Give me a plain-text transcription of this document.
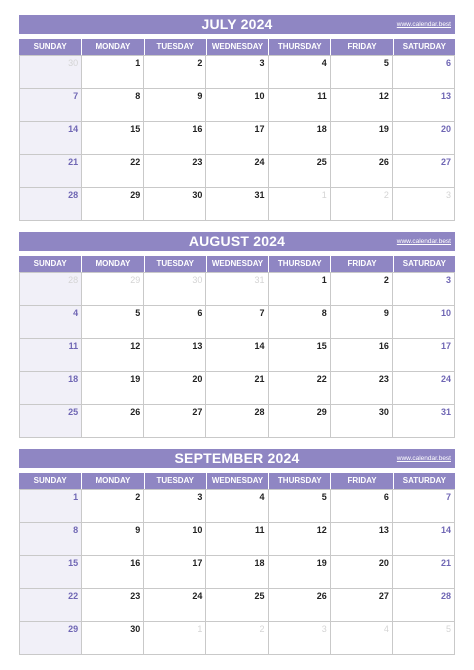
JULY 2024	www.calendar.best
SUNDAY	MONDAY	TUESDAY	WEDNESDAY	THURSDAY	FRIDAY	SATURDAY
30	1	2	3	4	5	6
7	8	9	10	11	12	13
14	15	16	17	18	19	20
21	22	23	24	25	26	27
28	29	30	31	1	2	3
AUGUST 2024	www.calendar.best
SUNDAY	MONDAY	TUESDAY	WEDNESDAY	THURSDAY	FRIDAY	SATURDAY
28	29	30	31	1	2	3
4	5	6	7	8	9	10
11	12	13	14	15	16	17
18	19	20	21	22	23	24
25	26	27	28	29	30	31
SEPTEMBER 2024	www.calendar.best
SUNDAY	MONDAY	TUESDAY	WEDNESDAY	THURSDAY	FRIDAY	SATURDAY
1	2	3	4	5	6	7
8	9	10	11	12	13	14
15	16	17	18	19	20	21
22	23	24	25	26	27	28
29	30	1	2	3	4	5
